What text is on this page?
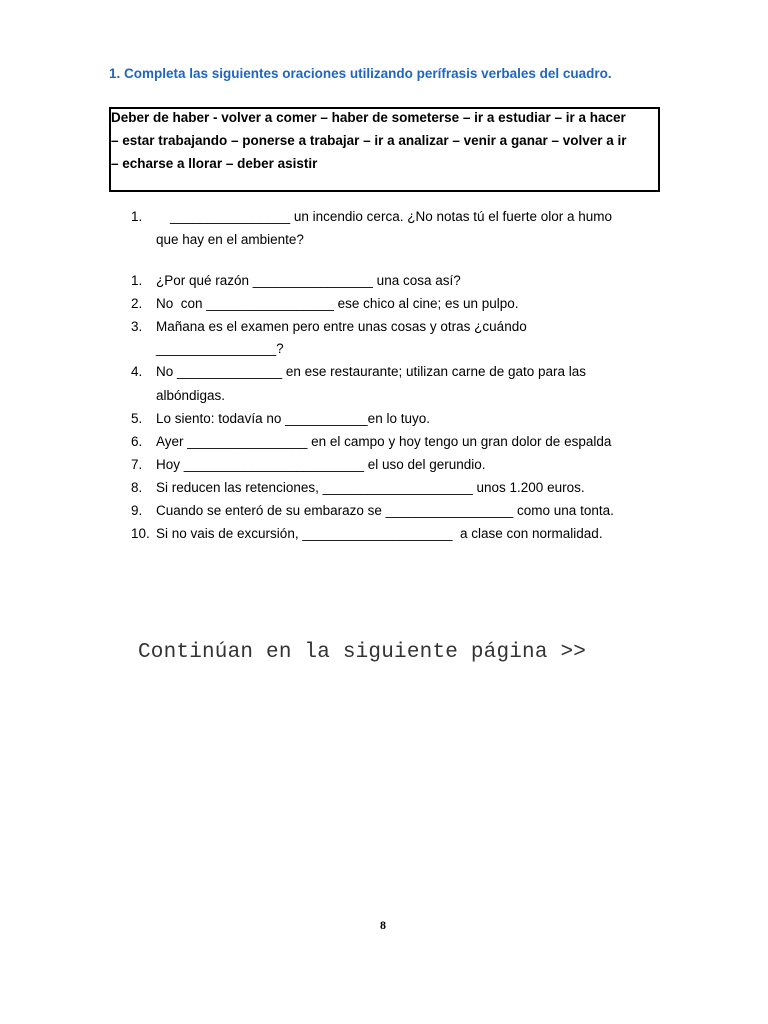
1. Completa las siguientes oraciones utilizando perífrasis verbales del cuadro.
Deber de haber - volver a comer – haber de someterse – ir a estudiar – ir a hacer
– estar trabajando – ponerse a trabajar – ir a analizar – venir a ganar – volver a ir
– echarse a llorar – deber asistir
1. ________________ un incendio cerca. ¿No notas tú el fuerte olor a humo
que hay en el ambiente?
1. ¿Por qué razón ________________ una cosa así?
2. No  con _________________ ese chico al cine; es un pulpo.
3. Mañana es el examen pero entre unas cosas y otras ¿cuándo
________________?
4. No ______________ en ese restaurante; utilizan carne de gato para las
albóndigas.
5. Lo siento: todavía no ___________en lo tuyo.
6. Ayer ________________ en el campo y hoy tengo un gran dolor de espalda
7. Hoy ________________________ el uso del gerundio.
8. Si reducen las retenciones, ____________________ unos 1.200 euros.
9. Cuando se enteró de su embarazo se _________________ como una tonta.
10. Si no vais de excursión, ____________________  a clase con normalidad.
Continúan en la siguiente página >>
8
